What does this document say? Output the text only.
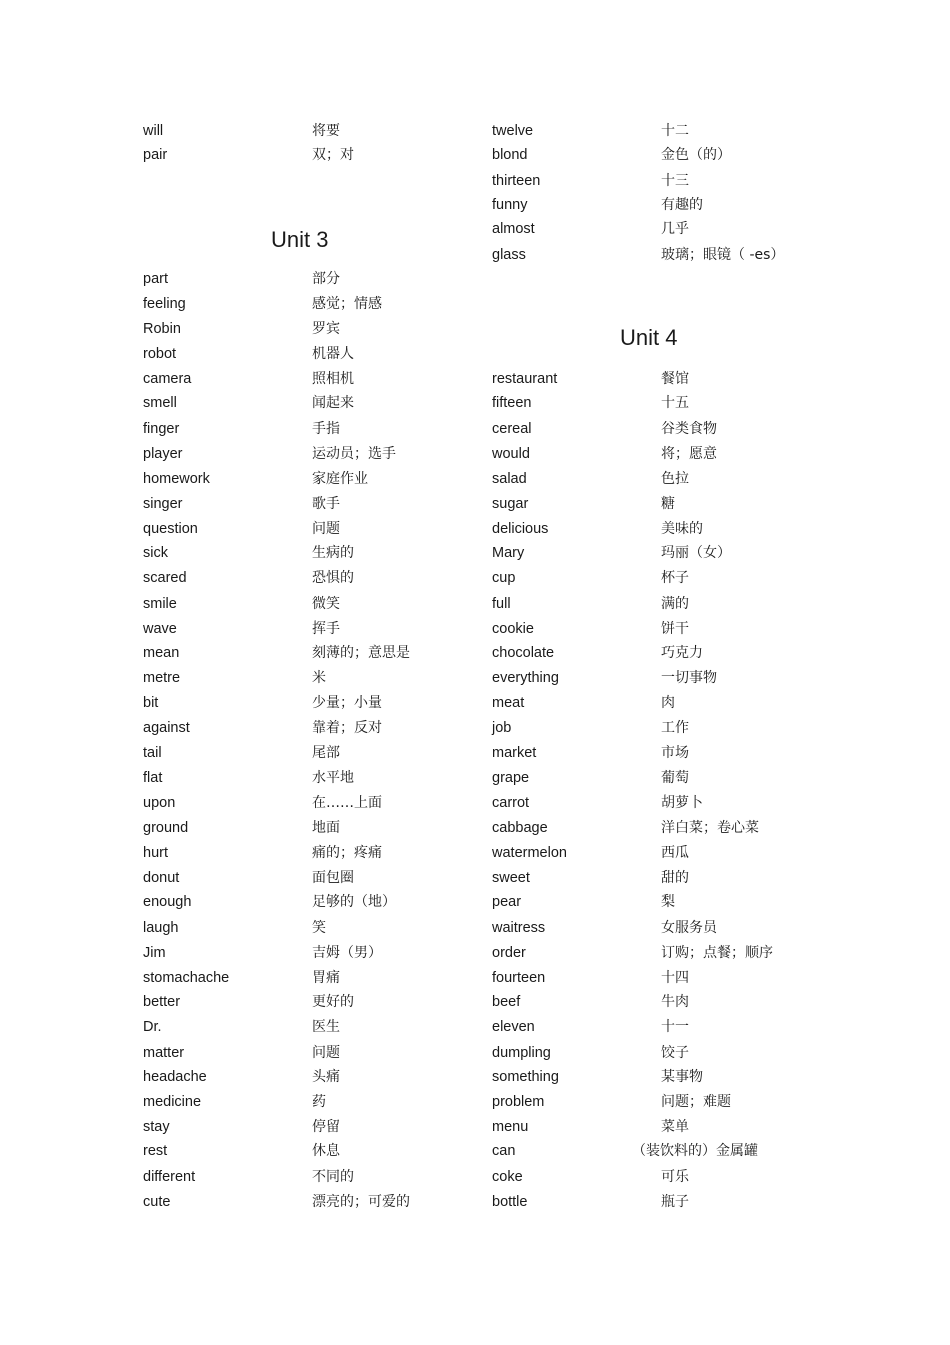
will	将要
pair	双；对
Unit 3
part	部分
feeling	感觉；情感
Robin	罗宾
robot	机器人
camera	照相机
smell	闻起来
finger	手指
player	运动员；选手
homework	家庭作业
singer	歌手
question	问题
sick	生病的
scared	恐惧的
smile	微笑
wave	挥手
mean	刻薄的；意思是
metre	米
bit	少量；小量
against	靠着；反对
tail	尾部
flat	水平地
upon	在……上面
ground	地面
hurt	痛的；疼痛
donut	面包圈
enough	足够的（地）
laugh	笑
Jim	吉姆（男）
stomachache	胃痛
better	更好的
Dr.	医生
matter	问题
headache	头痛
medicine	药
stay	停留
rest	休息
different	不同的
cute	漂亮的；可爱的
twelve	十二
blond	金色（的）
thirteen	十三
funny	有趣的
almost	几乎
glass	玻璃；眼镜（ -es）
Unit 4
restaurant	餐馆
fifteen	十五
cereal	谷类食物
would	将；愿意
salad	色拉
sugar	糖
delicious	美味的
Mary	玛丽（女）
cup	杯子
full	满的
cookie	饼干
chocolate	巧克力
everything	一切事物
meat	肉
job	工作
market	市场
grape	葡萄
carrot	胡萝卜
cabbage	洋白菜；卷心菜
watermelon	西瓜
sweet	甜的
pear	梨
waitress	女服务员
order	订购；点餐；顺序
fourteen	十四
beef	牛肉
eleven	十一
dumpling	饺子
something	某事物
problem	问题；难题
menu	菜单
can	（装饮料的）金属罐
coke	可乐
bottle	瓶子
